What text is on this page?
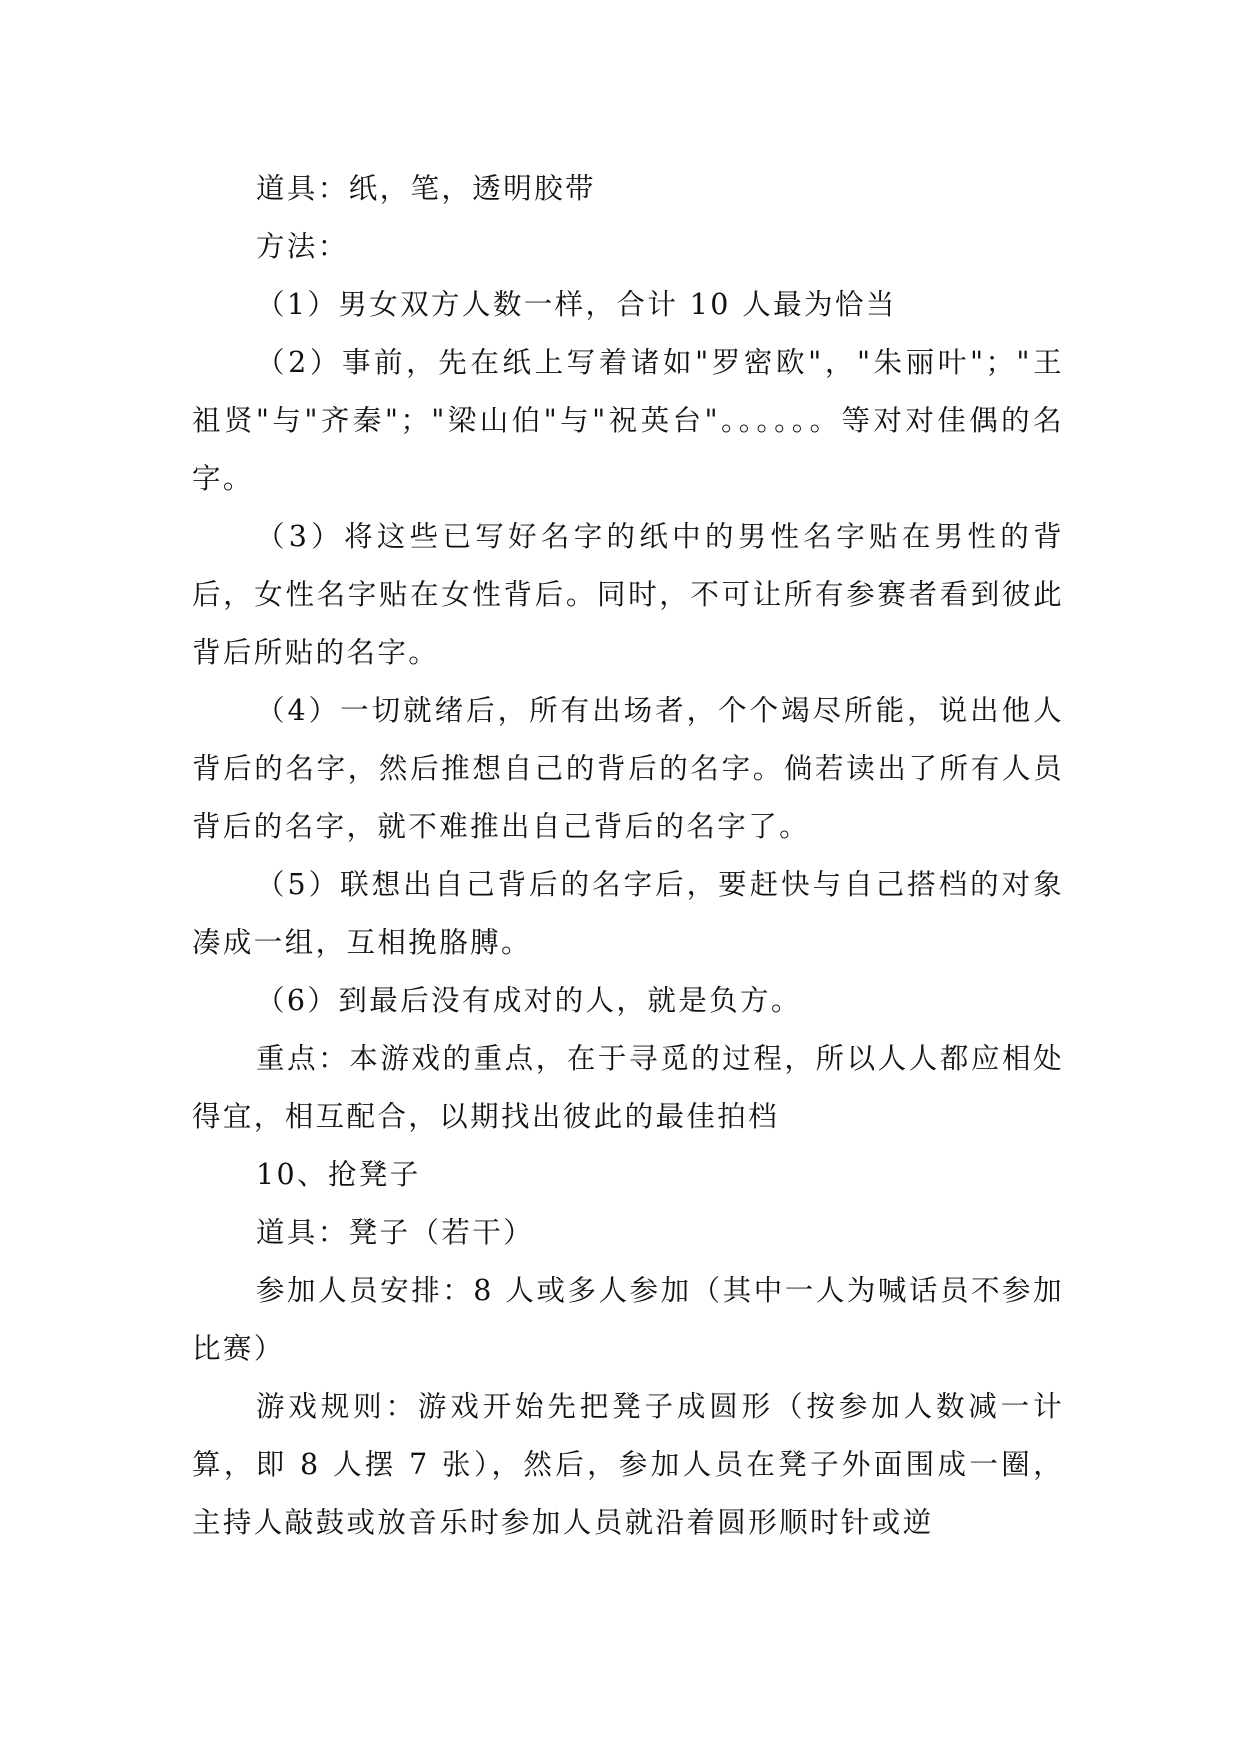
道具：纸，笔，透明胶带

方法：

（1）男女双方人数一样，合计 10 人最为恰当

（2）事前，先在纸上写着诸如"罗密欧"，"朱丽叶"；"王祖贤"与"齐秦"；"梁山伯"与"祝英台"。。。。。。等对对佳偶的名字。

（3）将这些已写好名字的纸中的男性名字贴在男性的背后，女性名字贴在女性背后。同时，不可让所有参赛者看到彼此背后所贴的名字。

（4）一切就绪后，所有出场者，个个竭尽所能，说出他人背后的名字，然后推想自己的背后的名字。倘若读出了所有人员背后的名字，就不难推出自己背后的名字了。

（5）联想出自己背后的名字后，要赶快与自己搭档的对象凑成一组，互相挽胳膊。

（6）到最后没有成对的人，就是负方。

重点：本游戏的重点，在于寻觅的过程，所以人人都应相处得宜，相互配合，以期找出彼此的最佳拍档

10、抢凳子

道具：凳子（若干）

参加人员安排：8 人或多人参加（其中一人为喊话员不参加比赛）

游戏规则：游戏开始先把凳子成圆形（按参加人数减一计算，即 8 人摆 7 张），然后，参加人员在凳子外面围成一圈，主持人敲鼓或放音乐时参加人员就沿着圆形顺时针或逆
